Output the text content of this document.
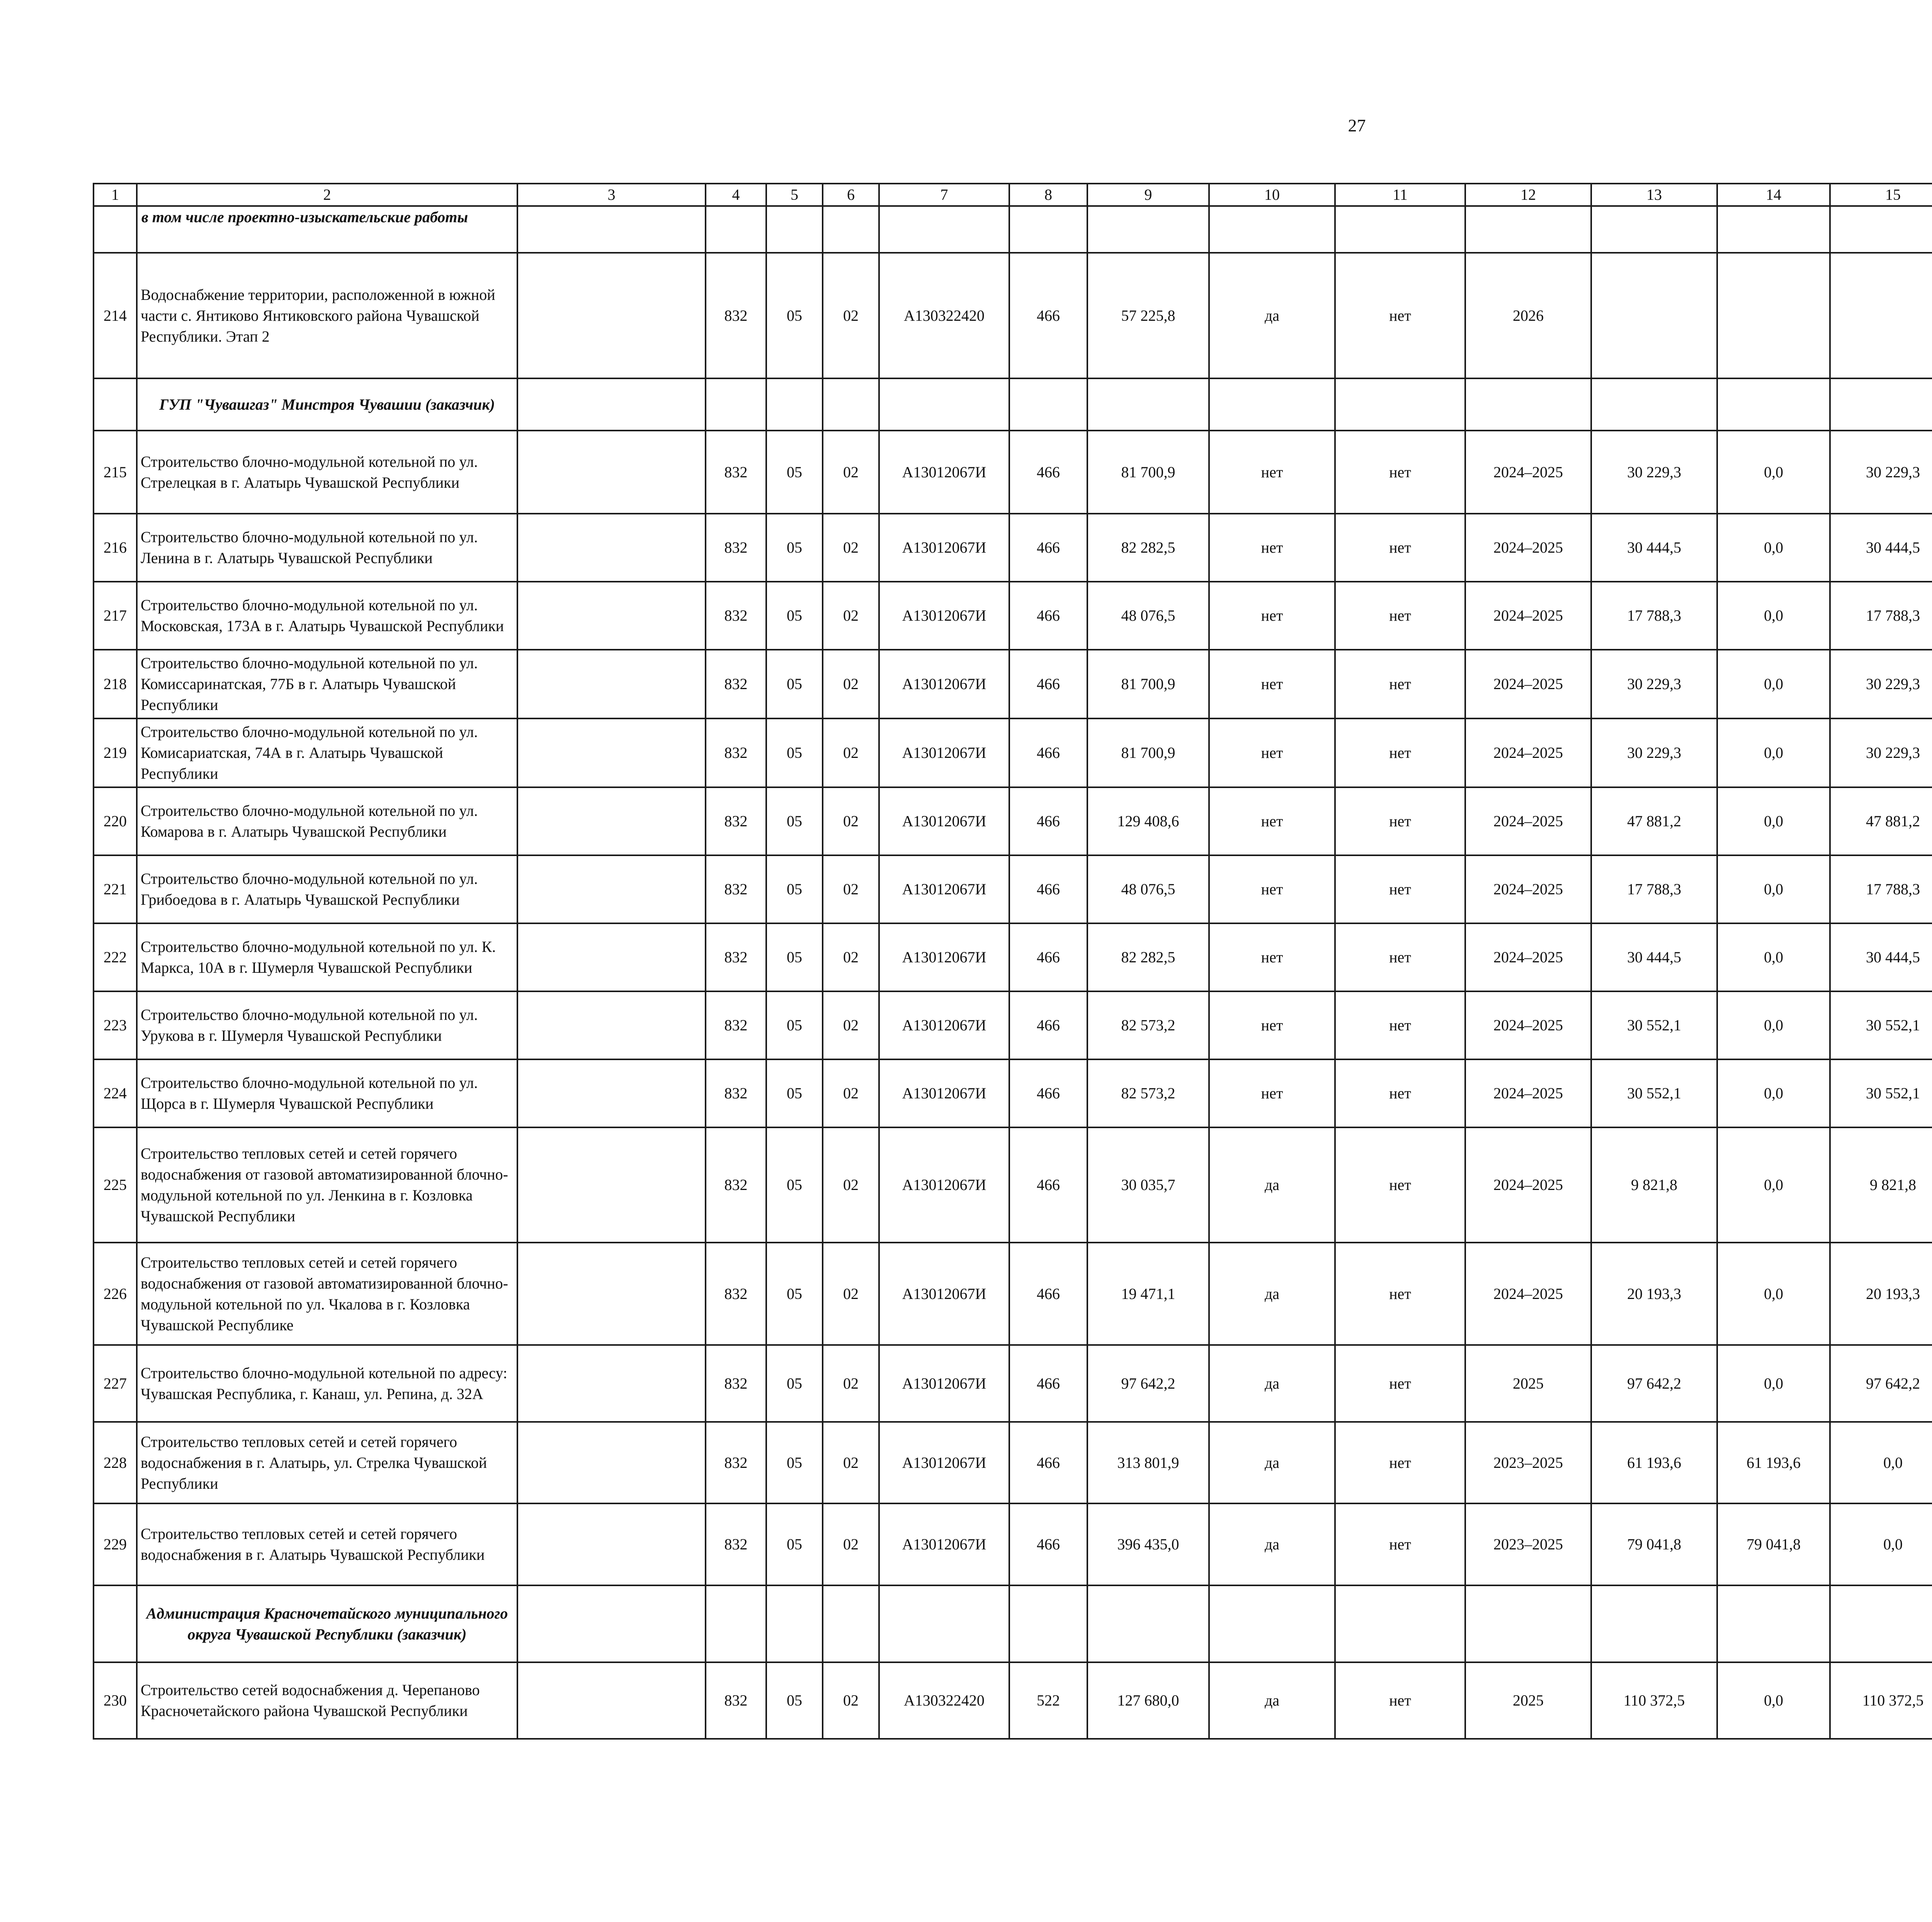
27
1	2	3	4	5	6	7	8	9	10	11	12	13	14	15						
	в том числе проектно-изыскательские работы																			
214	Водоснабжение территории, расположенной в южной части с. Янтиково Янтиковского района Чувашской Республики. Этап 2		832	05	02	А130322420	466	57 225,8	да	нет	2026									
	ГУП "Чувашгаз" Минстроя Чувашии (заказчик)																			
215	Строительство блочно-модульной котельной по ул. Стрелецкая в г. Алатырь Чувашской Республики		832	05	02	А13012067И	466	81 700,9	нет	нет	2024–2025	30 229,3	0,0	30 229,3						
216	Строительство блочно-модульной котельной по ул. Ленина в г. Алатырь Чувашской Республики		832	05	02	А13012067И	466	82 282,5	нет	нет	2024–2025	30 444,5	0,0	30 444,5						
217	Строительство блочно-модульной котельной по ул. Московская, 173А в г. Алатырь Чувашской Республики		832	05	02	А13012067И	466	48 076,5	нет	нет	2024–2025	17 788,3	0,0	17 788,3						
218	Строительство блочно-модульной котельной по ул. Комиссаринатская, 77Б в г. Алатырь Чувашской Республики		832	05	02	А13012067И	466	81 700,9	нет	нет	2024–2025	30 229,3	0,0	30 229,3						
219	Строительство блочно-модульной котельной по ул. Комисариатская, 74А в г. Алатырь Чувашской Республики		832	05	02	А13012067И	466	81 700,9	нет	нет	2024–2025	30 229,3	0,0	30 229,3						
220	Строительство блочно-модульной котельной по ул. Комарова в г. Алатырь Чувашской Республики		832	05	02	А13012067И	466	129 408,6	нет	нет	2024–2025	47 881,2	0,0	47 881,2						
221	Строительство блочно-модульной котельной по ул. Грибоедова в г. Алатырь Чувашской Республики		832	05	02	А13012067И	466	48 076,5	нет	нет	2024–2025	17 788,3	0,0	17 788,3						
222	Строительство блочно-модульной котельной по ул. К. Маркса, 10А в г. Шумерля Чувашской Республики		832	05	02	А13012067И	466	82 282,5	нет	нет	2024–2025	30 444,5	0,0	30 444,5						
223	Строительство блочно-модульной котельной по ул. Урукова в г. Шумерля Чувашской Республики		832	05	02	А13012067И	466	82 573,2	нет	нет	2024–2025	30 552,1	0,0	30 552,1						
224	Строительство блочно-модульной котельной по ул. Щорса в г. Шумерля Чувашской Республики		832	05	02	А13012067И	466	82 573,2	нет	нет	2024–2025	30 552,1	0,0	30 552,1						
225	Строительство тепловых сетей и сетей горячего водоснабжения от газовой автоматизированной блочно-модульной котельной по ул. Ленкина в г. Козловка Чувашской Республики		832	05	02	А13012067И	466	30 035,7	да	нет	2024–2025	9 821,8	0,0	9 821,8						
226	Строительство тепловых сетей и сетей горячего водоснабжения от газовой автоматизированной блочно-модульной котельной по ул. Чкалова в г. Козловка Чувашской Республике		832	05	02	А13012067И	466	19 471,1	да	нет	2024–2025	20 193,3	0,0	20 193,3						
227	Строительство блочно-модульной котельной по адресу: Чувашская Республика, г. Канаш, ул. Репина, д. 32А		832	05	02	А13012067И	466	97 642,2	да	нет	2025	97 642,2	0,0	97 642,2						
228	Строительство тепловых сетей и сетей горячего водоснабжения в г. Алатырь, ул. Стрелка Чувашской Республики		832	05	02	А13012067И	466	313 801,9	да	нет	2023–2025	61 193,6	61 193,6	0,0						
229	Строительство тепловых сетей и сетей горячего водоснабжения в г. Алатырь Чувашской Республики		832	05	02	А13012067И	466	396 435,0	да	нет	2023–2025	79 041,8	79 041,8	0,0						
	Администрация Красночетайского муниципального округа Чувашской Республики (заказчик)																			
230	Строительство сетей водоснабжения д. Черепаново Красночетайского района Чувашской Республики		832	05	02	А130322420	522	127 680,0	да	нет	2025	110 372,5	0,0	110 372,5						
